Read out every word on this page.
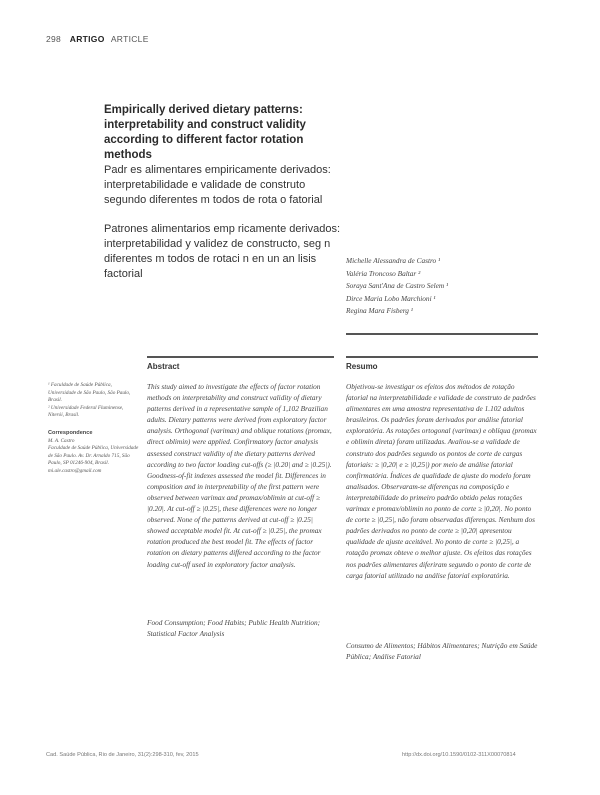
298 ARTIGO ARTICLE
Empirically derived dietary patterns: interpretability and construct validity according to different factor rotation methods
Padr es alimentares empiricamente derivados: interpretabilidade e validade de construto segundo diferentes m todos de rota o fatorial
Patrones alimentarios emp ricamente derivados: interpretabilidad y validez de constructo, seg n diferentes m todos de rotaci n en un an lisis factorial
Michelle Alessandra de Castro ¹
Valéria Troncoso Baltar ²
Soraya Sant'Ana de Castro Selem ¹
Dirce Maria Lobo Marchioni ¹
Regina Mara Fisberg ¹
Abstract	Resumo
¹ Faculdade de Saúde Pública, Universidade de São Paulo, São Paulo, Brasil.
² Universidade Federal Fluminense, Niterói, Brasil.
Correspondence
M. A. Castro
Faculdade de Saúde Pública, Universidade de São Paulo. Av. Dr. Arnaldo 715, São Paulo, SP 01246-904, Brasil. mi.ale.castro@gmail.com
This study aimed to investigate the effects of factor rotation methods on interpretability and construct validity of dietary patterns derived in a representative sample of 1,102 Brazilian adults. Dietary patterns were derived from exploratory factor analysis. Orthogonal (varimax) and oblique rotations (promax, direct oblimin) were applied. Confirmatory factor analysis assessed construct validity of the dietary patterns derived according to two factor loading cut-offs (≥ |0.20| and ≥ |0.25|). Goodness-of-fit indexes assessed the model fit. Differences in composition and in interpretability of the first pattern were observed between varimax and promax/oblimin at cut-off ≥ |0.20|. At cut-off ≥ |0.25|, these differences were no longer observed. None of the patterns derived at cut-off ≥ |0.25| showed acceptable model fit. At cut-off ≥ |0.25|, the promax rotation produced the best model fit. The effects of factor rotation on dietary patterns differed according to the factor loading cut-off used in exploratory factor analysis.
Food Consumption; Food Habits; Public Health Nutrition; Statistical Factor Analysis
Objetivou-se investigar os efeitos dos métodos de rotação fatorial na interpretabilidade e validade de construto de padrões alimentares em uma amostra representativa de 1.102 adultos brasileiros. Os padrões foram derivados por análise fatorial exploratória. As rotações ortogonal (varimax) e oblíqua (promax e oblimin direta) foram utilizadas. Avaliou-se a validade de construto dos padrões segundo os pontos de corte de cargas fatoriais: ≥ |0,20| e ≥ |0,25|) por meio de análise fatorial confirmatória. Índices de qualidade de ajuste do modelo foram analisados. Observaram-se diferenças na composição e interpretabilidade do primeiro padrão obtido pelas rotações varimax e promax/oblimin no ponto de corte ≥ |0,20|. No ponto de corte ≥ |0,25|, não foram observadas diferenças. Nenhum dos padrões derivados no ponto de corte ≥ |0,20| apresentou qualidade de ajuste aceitável. No ponto de corte ≥ |0,25|, a rotação promax obteve o melhor ajuste. Os efeitos das rotações nos padrões alimentares diferiram segundo o ponto de corte de carga fatorial utilizado na análise fatorial exploratória.
Consumo de Alimentos; Hábitos Alimentares; Nutrição em Saúde Pública; Análise Fatorial
Cad. Saúde Pública, Rio de Janeiro, 31(2):298-310, fev, 2015	http://dx.doi.org/10.1590/0102-311X00070814
